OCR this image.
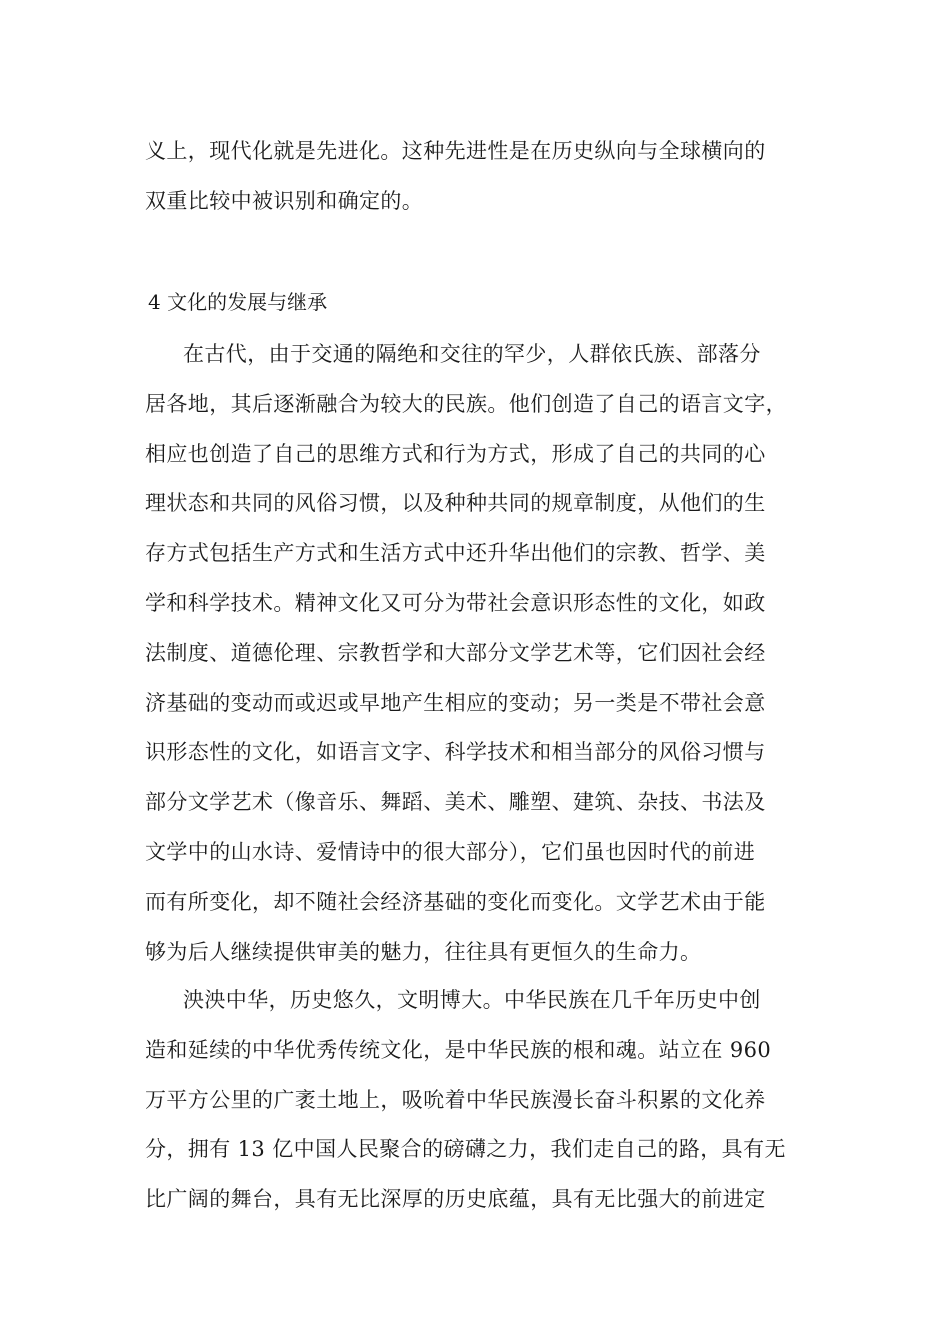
义上，现代化就是先进化。这种先进性是在历史纵向与全球横向的
双重比较中被识别和确定的。
4 文化的发展与继承
在古代，由于交通的隔绝和交往的罕少，人群依氏族、部落分
居各地，其后逐渐融合为较大的民族。他们创造了自己的语言文字，
相应也创造了自己的思维方式和行为方式，形成了自己的共同的心
理状态和共同的风俗习惯，以及种种共同的规章制度，从他们的生
存方式包括生产方式和生活方式中还升华出他们的宗教、哲学、美
学和科学技术。精神文化又可分为带社会意识形态性的文化，如政
法制度、道德伦理、宗教哲学和大部分文学艺术等，它们因社会经
济基础的变动而或迟或早地产生相应的变动；另一类是不带社会意
识形态性的文化，如语言文字、科学技术和相当部分的风俗习惯与
部分文学艺术（像音乐、舞蹈、美术、雕塑、建筑、杂技、书法及
文学中的山水诗、爱情诗中的很大部分），它们虽也因时代的前进
而有所变化，却不随社会经济基础的变化而变化。文学艺术由于能
够为后人继续提供审美的魅力，往往具有更恒久的生命力。
泱泱中华，历史悠久，文明博大。中华民族在几千年历史中创
造和延续的中华优秀传统文化，是中华民族的根和魂。站立在 960
万平方公里的广袤土地上，吸吮着中华民族漫长奋斗积累的文化养
分，拥有 13 亿中国人民聚合的磅礴之力，我们走自己的路，具有无
比广阔的舞台，具有无比深厚的历史底蕴，具有无比强大的前进定
